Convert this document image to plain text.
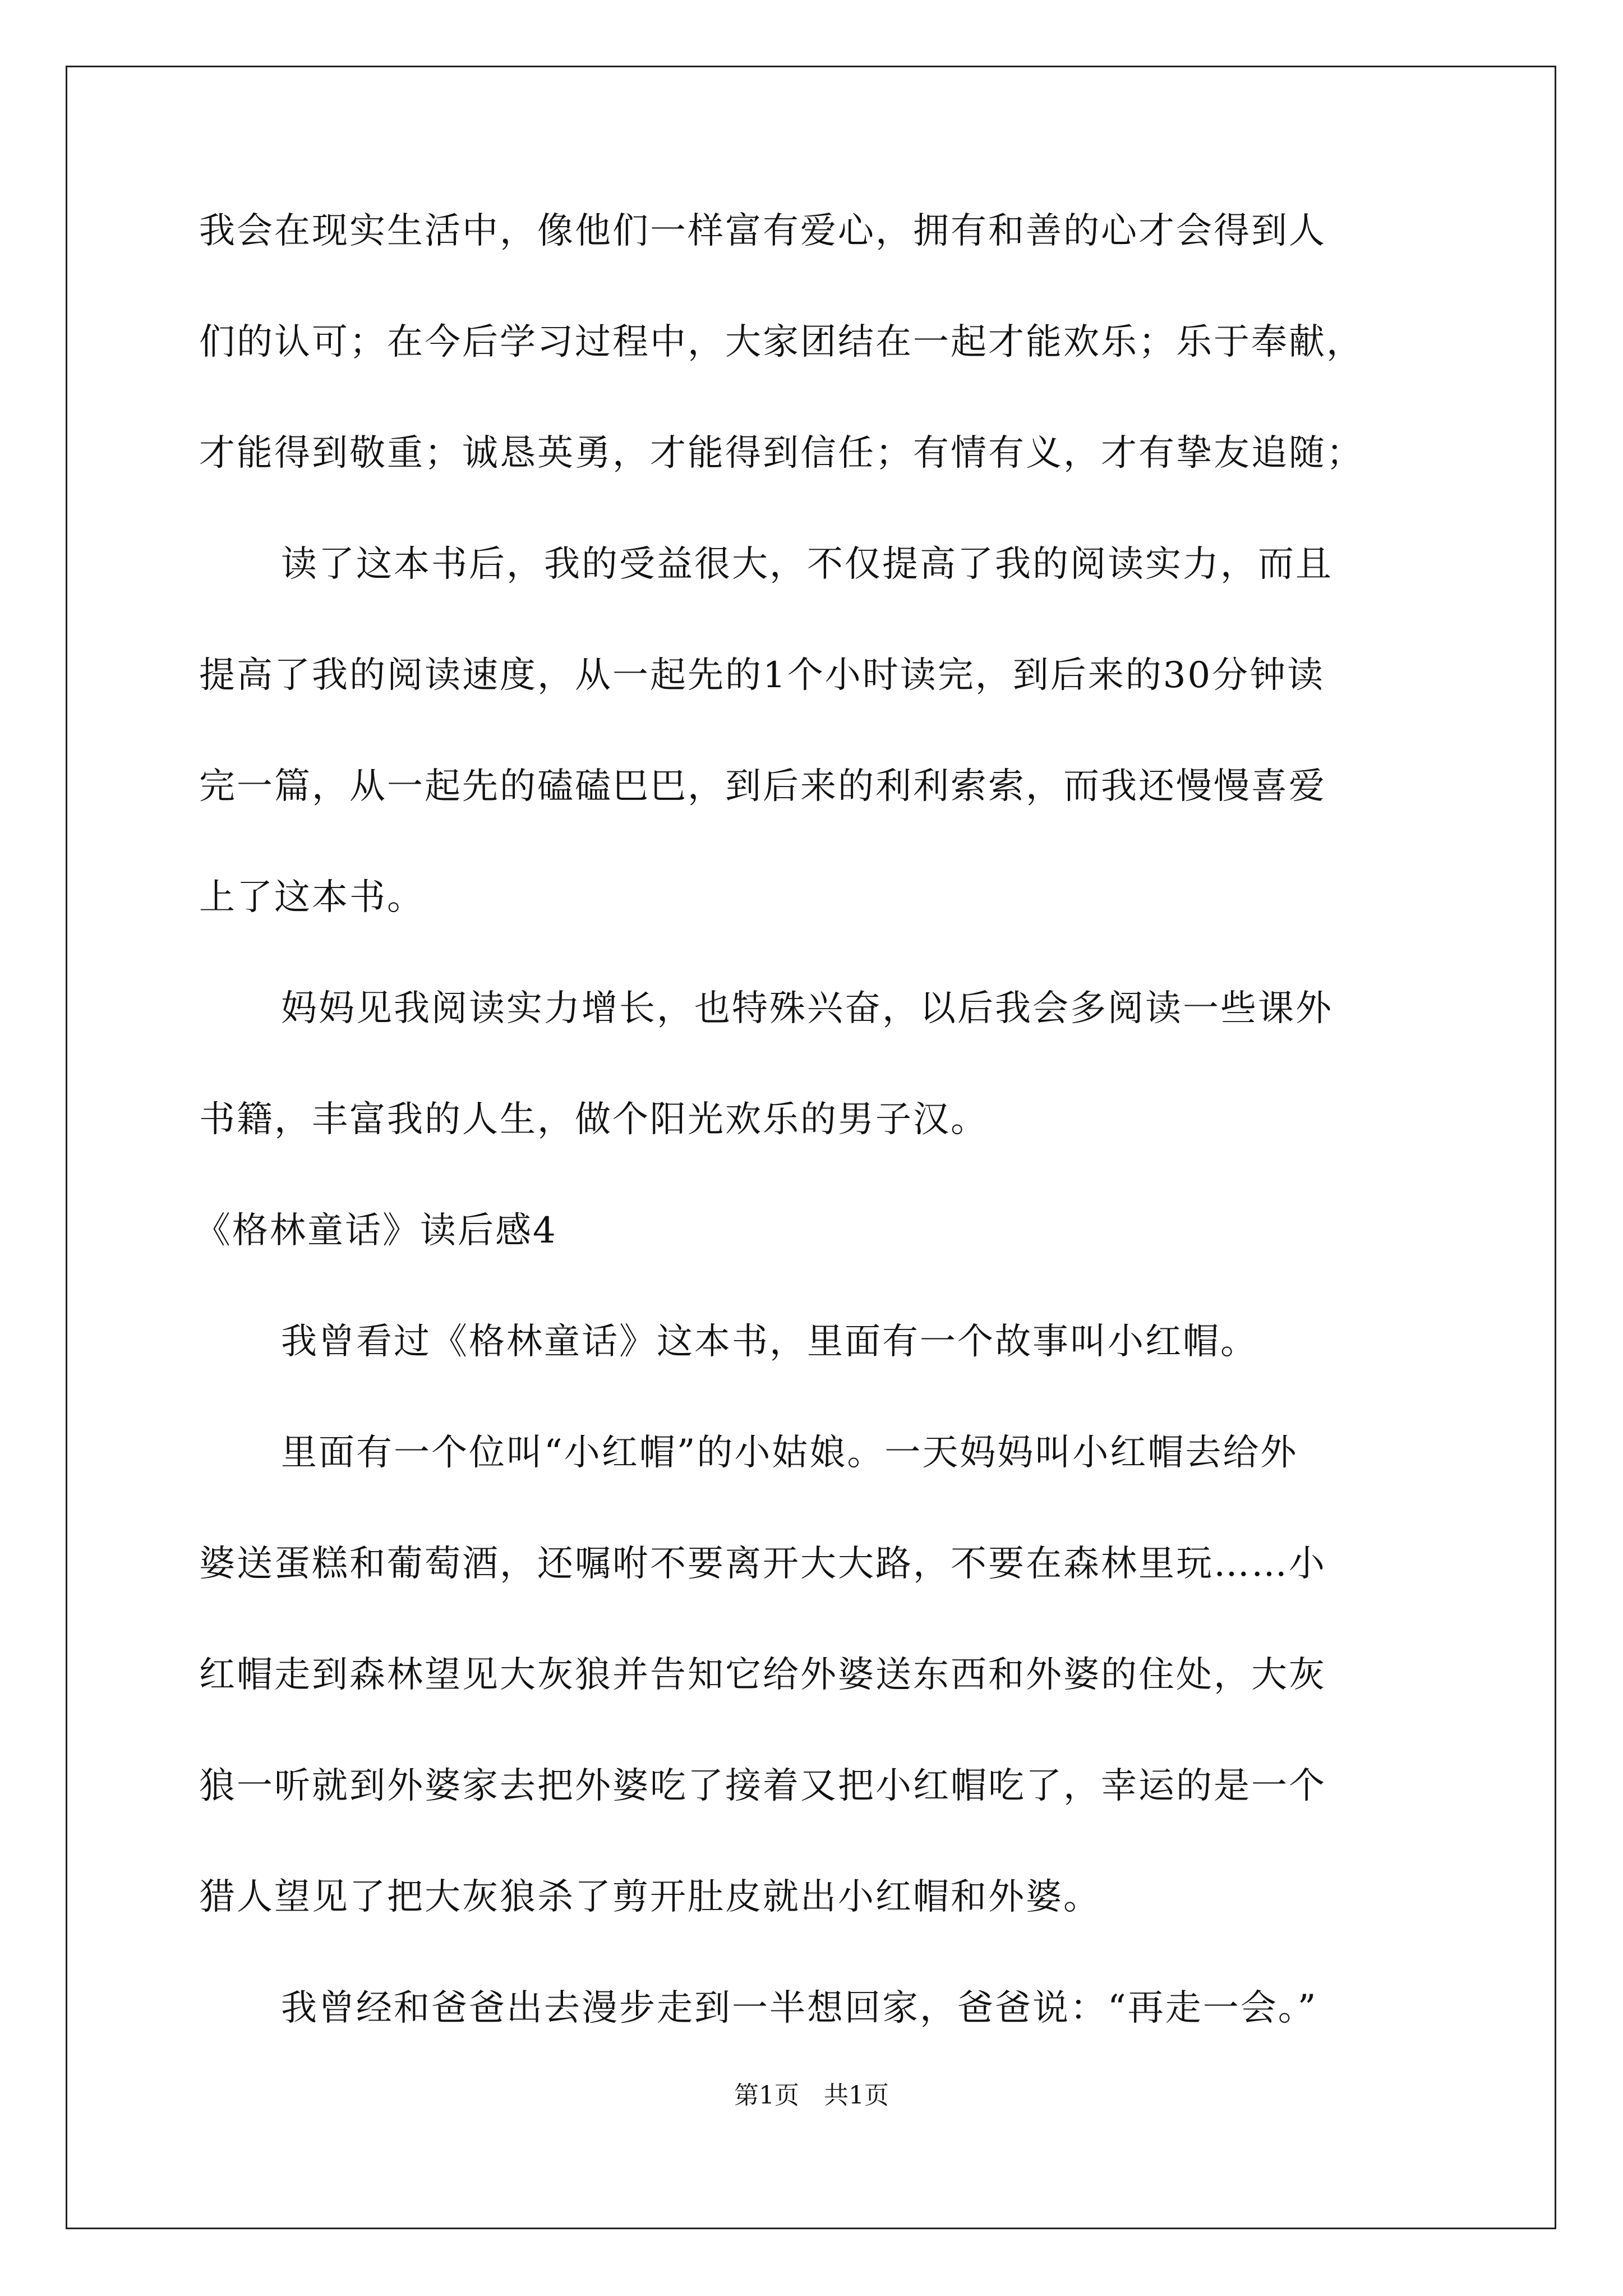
我会在现实生活中，像他们一样富有爱心，拥有和善的心才会得到人
们的认可；在今后学习过程中，大家团结在一起才能欢乐；乐于奉献，
才能得到敬重；诚恳英勇，才能得到信任；有情有义，才有挚友追随；
读了这本书后，我的受益很大，不仅提高了我的阅读实力，而且
提高了我的阅读速度，从一起先的1个小时读完，到后来的30分钟读
完一篇，从一起先的磕磕巴巴，到后来的利利索索，而我还慢慢喜爱
上了这本书。
妈妈见我阅读实力增长，也特殊兴奋，以后我会多阅读一些课外
书籍，丰富我的人生，做个阳光欢乐的男子汉。
《格林童话》读后感4
我曾看过《格林童话》这本书，里面有一个故事叫小红帽。
里面有一个位叫“小红帽”的小姑娘。一天妈妈叫小红帽去给外
婆送蛋糕和葡萄酒，还嘱咐不要离开大大路，不要在森林里玩……小
红帽走到森林望见大灰狼并告知它给外婆送东西和外婆的住处，大灰
狼一听就到外婆家去把外婆吃了接着又把小红帽吃了，幸运的是一个
猎人望见了把大灰狼杀了剪开肚皮就出小红帽和外婆。
我曾经和爸爸出去漫步走到一半想回家，爸爸说：“再走一会。”
第1页　共1页
